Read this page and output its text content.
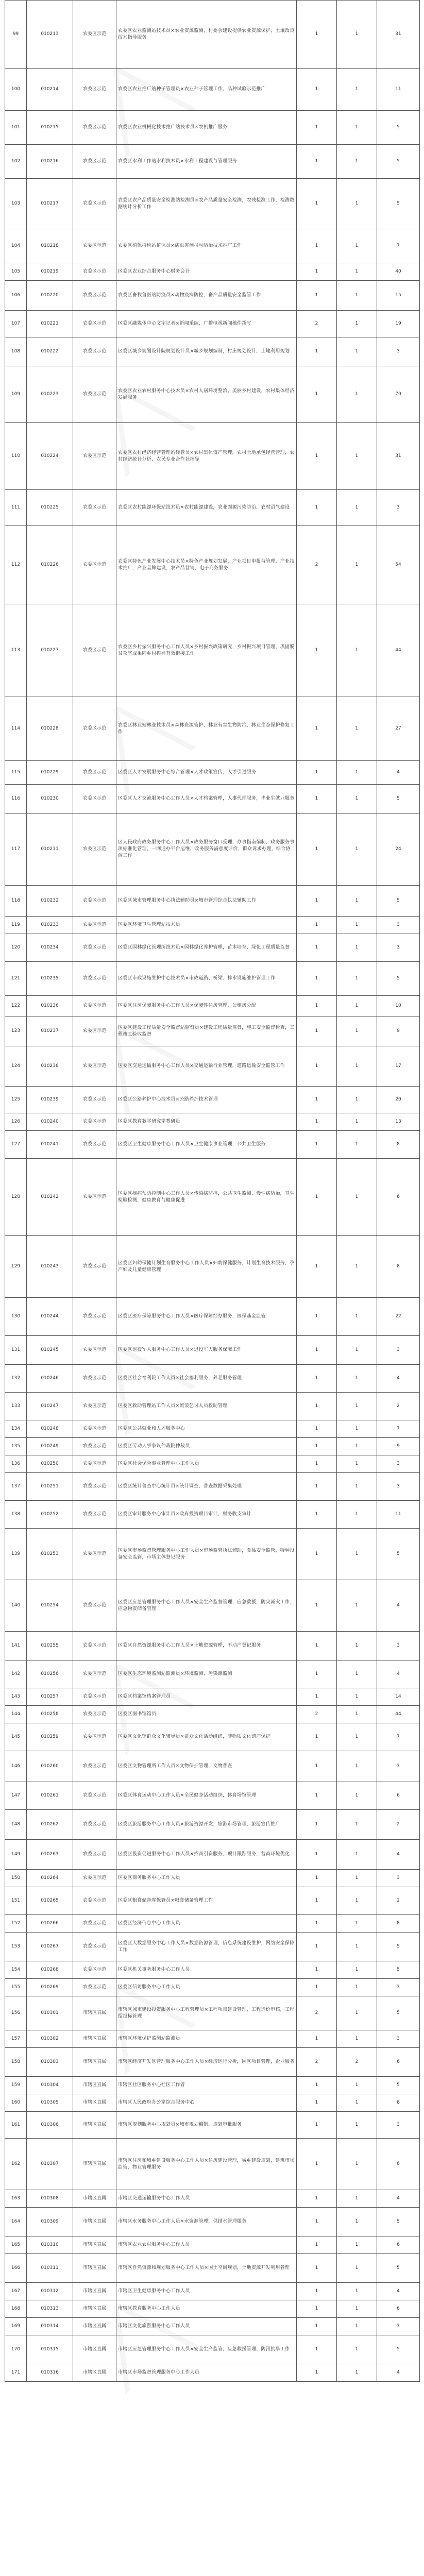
99	010213	农委区示范	农委区农业监测站技术员×农业资源监测，村委会建设提供农业资源保护，土壤改良技术指导服务	1	1	31
100	010214	农委区示范	农委区农业推广站种子管理员×农业种子管理工作，品种试验示范推广	1	1	11
101	010215	农委区示范	农委区农业机械化技术推广站技术员×农机推广服务	1	1	5
102	010216	农委区示范	农委区水利工作站水利技术员×水利工程建设与管理服务	1	1	5
103	010217	农委区示范	农委区农产品质量安全检测站检测员×农产品质量安全检测，农残检测工作，检测数据统计分析工作	1	1	5
104	010218	农委区示范	农委区植保植检站植保员×病虫害测报与防治技术推广工作	1	1	7
105	010219	农委区示范	区委区农业综合服务中心财务会计	1	1	40
106	010220	农委区示范	农委区畜牧兽医站防疫员×动物疫病防控，畜产品质量安全监管工作	1	1	15
107	010221	农委区示范	区委区融媒体中心文字记者×新闻采编，广播电视新闻稿件撰写	2	1	19
108	010222	农委区示范	区委区城乡规划设计院规划设计员×城乡规划编制，村庄规划设计，土地利用规划	1	1	3
109	010223	农委区示范	农委区农业农村服务中心技术员×农村人居环境整治、美丽乡村建设，农村集体经济发展服务	1	1	70
110	010224	农委区示范	农委区农村经济经营管理站经管员×农村集体资产管理，农村土地承包经营管理，农村经济统计分析，农民专业合作社指导	1	1	31
111	010225	农委区示范	农委区农村能源环保站技术员×农村能源建设，农业面源污染防治，农村沼气建设	1	1	3
112	010226	农委区示范	农委区特色产业发展中心技术员×特色产业规划发展，产业项目申报与管理，产业技术推广，产业品牌建设，农产品营销，电子商务服务	2	1	54
113	010227	农委区示范	农委区乡村振兴服务中心工作人员×乡村振兴政策研究，乡村振兴项目管理，巩固脱贫攻坚成果同乡村振兴有效衔接工作	1	1	44
114	010228	农委区示范	农委区林业站林业技术员×森林资源管护，林业有害生物防治，林业生态保护修复工作	1	1	27
115	010229	农委区示范	区委区人才发展服务中心综合管理×人才政策宣传，人才引进服务	1	1	4
116	010230	农委区示范	区委区人才交流服务中心工作人员×人才档案管理，人事代理服务，毕业生就业服务	1	1	5
117	010231	农委区示范	区人民政府政务服务中心工作人员×政务服务窗口受理，办事指南编制，政务服务事项标准化管理，一网通办平台运维，政务服务满意度评价，群众诉求办理，综合协调工作	1	1	24
118	010232	农委区示范	区委区城市管理服务中心执法辅助员×城市管理综合执法辅助工作	1	1	5
119	010233	农委区示范	区委区环境卫生管理站技术员	1	1	3
120	010234	农委区示范	区委区园林绿化管理所技术员×园林绿化养护管理，苗木培育，绿化工程质量监督	1	1	3
121	010235	农委区示范	区委区市政设施维护中心技术员×市政道路、桥梁、排水设施维护管理工作	1	1	5
122	010236	农委区示范	区委区住房保障服务中心工作人员×保障性住房管理，公租房分配	1	1	10
123	010237	农委区示范	区委区建设工程质量安全监督站监督员×建设工程质量监督，施工安全监督检查，工程竣工验收监督	1	1	9
124	010238	农委区示范	区委区交通运输服务中心工作人员×交通运输行业管理，道路运输安全监管工作	1	1	17
125	010239	农委区示范	区委区公路养护中心技术员×公路养护技术管理	1	1	20
126	010240	农委区示范	区委区教育教学研究室教研员	1	1	13
127	010241	农委区示范	区委区卫生健康服务中心工作人员×卫生健康事业管理，公共卫生服务	1	1	8
128	010242	农委区示范	区委区疾病预防控制中心工作人员×传染病防控，公共卫生监测，慢性病防治，卫生检验检测，健康教育与健康促进	1	1	6
129	010243	农委区示范	区委区妇幼保健计划生育服务中心工作人员×妇幼保健服务，计划生育技术服务，孕产妇及儿童健康管理	1	1	8
130	010244	农委区示范	区委区医疗保障服务中心工作人员×医疗保障经办服务，医保基金监管	1	1	22
131	010245	农委区示范	区委区退役军人服务中心工作人员×退役军人服务保障工作	1	1	3
132	010246	农委区示范	区委区社会福利院工作人员×社会福利服务，养老服务管理	1	1	4
133	010247	农委区示范	区委区救助管理站工作人员×流浪乞讨人员救助管理	1	1	2
134	010248	农委区示范	区委区公共就业和人才服务中心	1	1	7
135	010249	农委区示范	区委区劳动人事争议仲裁院仲裁员	1	1	9
136	010250	农委区示范	区委区社会保险事业管理中心工作人员	1	1	3
137	010251	农委区示范	区委区统计普查中心统计员×统计调查，普查数据采集处理	1	1	3
138	010252	农委区示范	区委区审计服务中心审计员×政府投资项目审计，财务收支审计	1	1	11
139	010253	农委区示范	区委区市场监督管理服务中心工作人员×市场监管执法辅助，食品安全监管，特种设备安全监管，市场主体登记服务	1	1	5
140	010254	农委区示范	区委区应急管理服务中心工作人员×安全生产监督管理，应急救援，防灾减灾工作，应急物资储备管理	1	1	4
141	010255	农委区示范	区委区自然资源服务中心工作人员×土地资源管理，不动产登记服务	1	1	3
142	010256	农委区示范	区委区生态环境监测站监测员×环境监测，污染源监测	1	1	4
143	010257	农委区示范	区委区档案馆档案管理员	1	1	14
144	010258	农委区示范	区委区图书馆馆员	2	1	44
145	010259	农委区示范	区委区文化馆群众文化辅导员×群众文化活动组织，非物质文化遗产保护	1	1	7
146	010260	农委区示范	区委区文物管理所工作人员×文物保护管理，文物普查	1	1	3
147	010261	农委区示范	区委区体育运动中心工作人员×全民健身活动组织，体育场馆管理	1	1	6
148	010262	农委区示范	区委区旅游服务中心工作人员×旅游资源开发，旅游市场管理，旅游宣传推广	1	1	2
149	010263	农委区示范	区委区投资促进服务中心工作人员×招商引资服务，项目跟踪服务，营商环境优化	1	1	4
150	010264	农委区示范	区委区商务服务中心工作人员	1	1	3
151	010265	农委区示范	区委区粮食储备库保管员×粮食储备管理工作	1	1	2
152	010266	农委区示范	区委区经济信息中心工作人员	1	1	8
153	010267	农委区示范	区委区大数据服务中心工作人员×数据资源管理，信息系统建设维护，网络安全保障工作	1	1	5
154	010268	农委区示范	区委区机关事务服务中心工作人员	1	1	5
155	010269	农委区示范	区委区信访服务中心工作人员	1	1	3
156	010301	市辖区直属	市辖区城市建设投资服务中心工程管理员×工程项目建设管理，工程造价审核，工程招投标管理	2	1	5
157	010302	市辖区直属	市辖区环境保护监测站监测员	1	1	3
158	010303	市辖区直属	市辖区经济开发区管理服务中心工作人员×经济运行分析，园区项目管理，企业服务	2	2	6
159	010304	市辖区直属	市辖区社区服务中心社区工作者	1	1	5
160	010305	市辖区直属	市辖区人民政府办公室综合服务中心	1	1	8
161	010306	市辖区直属	市辖区规划服务中心规划员×城市规划编制，规划审批服务	1	1	3
162	010307	市辖区直属	市辖区住房和城乡建设服务中心工作人员×住房建设管理，城乡建设规划，建筑市场监管，物业管理服务	1	1	6
163	010308	市辖区直属	市辖区交通运输服务中心工作人员	1	1	4
164	010309	市辖区直属	市辖区水务服务中心工作人员×水资源管理，供排水管理服务	1	1	5
165	010310	市辖区直属	市辖区农业农村服务中心工作人员	1	1	6
166	010311	市辖区直属	市辖区自然资源和规划服务中心工作人员×国土空间规划，土地资源开发利用管理	1	1	5
167	010312	市辖区直属	市辖区卫生健康服务中心工作人员	1	1	4
168	010313	市辖区直属	市辖区教育服务中心工作人员	1	1	6
169	010314	市辖区直属	市辖区文化旅游服务中心工作人员	1	1	3
170	010315	市辖区直属	市辖区应急管理服务中心工作人员×安全生产监管，应急救援管理，防汛抗旱工作	1	1	5
171	010316	市辖区直属	市辖区市场监督管理服务中心工作人员	1	1	4
